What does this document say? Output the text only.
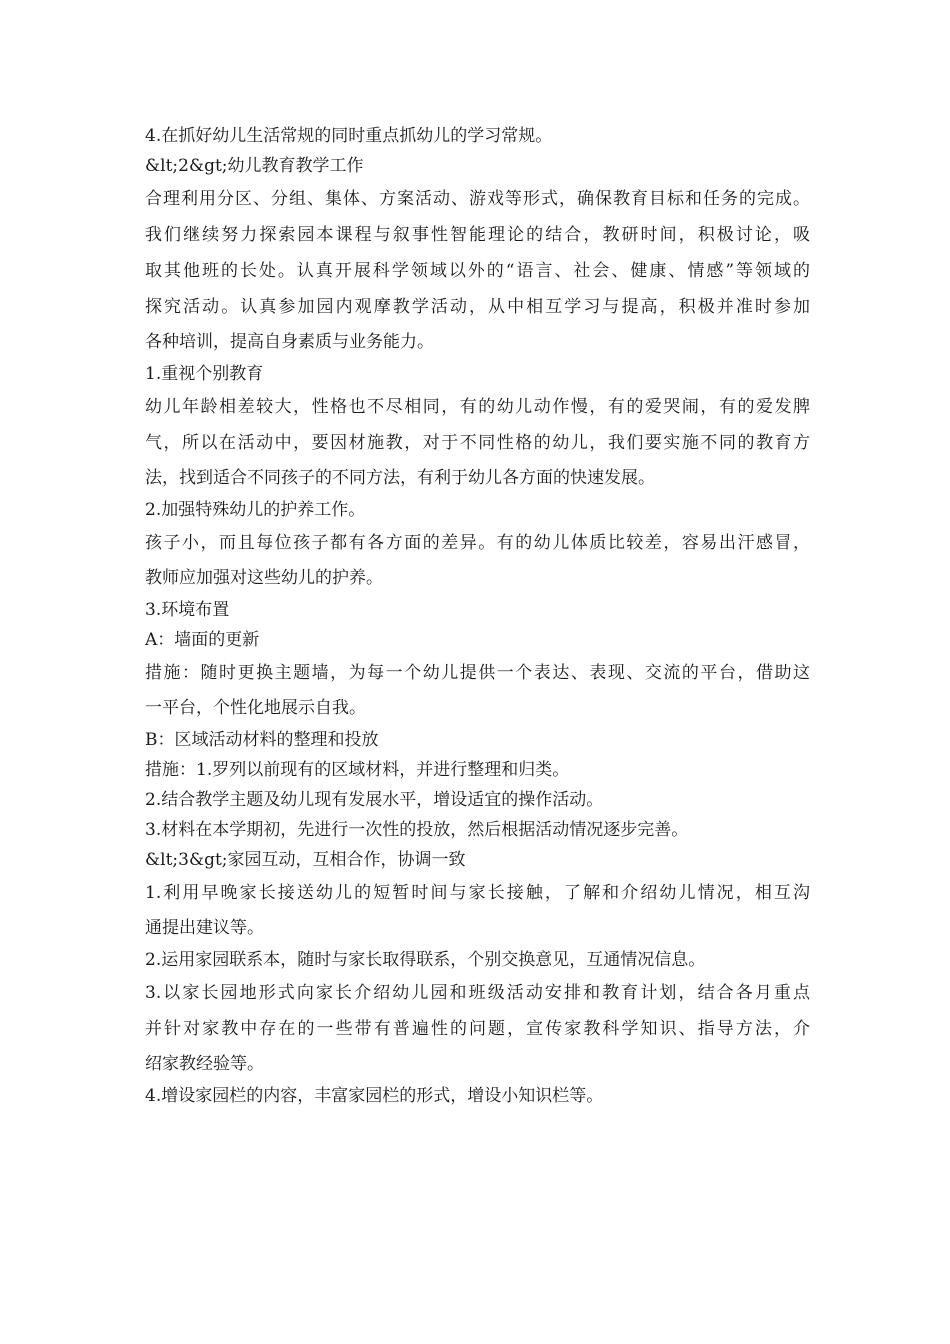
4.在抓好幼儿生活常规的同时重点抓幼儿的学习常规。
&lt;2&gt;幼儿教育教学工作
合理利用分区、分组、集体、方案活动、游戏等形式，确保教育目标和任务的完成。
我们继续努力探索园本课程与叙事性智能理论的结合，教研时间，积极讨论，吸
取其他班的长处。认真开展科学领域以外的“语言、社会、健康、情感”等领域的
探究活动。认真参加园内观摩教学活动，从中相互学习与提高，积极并准时参加
各种培训，提高自身素质与业务能力。
1.重视个别教育
幼儿年龄相差较大，性格也不尽相同，有的幼儿动作慢，有的爱哭闹，有的爱发脾
气，所以在活动中，要因材施教，对于不同性格的幼儿，我们要实施不同的教育方
法，找到适合不同孩子的不同方法，有利于幼儿各方面的快速发展。
2.加强特殊幼儿的护养工作。
孩子小，而且每位孩子都有各方面的差异。有的幼儿体质比较差，容易出汗感冒，
教师应加强对这些幼儿的护养。
3.环境布置
A：墙面的更新
措施：随时更换主题墙，为每一个幼儿提供一个表达、表现、交流的平台，借助这
一平台，个性化地展示自我。
B：区域活动材料的整理和投放
措施：1.罗列以前现有的区域材料，并进行整理和归类。
2.结合教学主题及幼儿现有发展水平，增设适宜的操作活动。
3.材料在本学期初，先进行一次性的投放，然后根据活动情况逐步完善。
&lt;3&gt;家园互动，互相合作，协调一致
1.利用早晚家长接送幼儿的短暂时间与家长接触，了解和介绍幼儿情况，相互沟
通提出建议等。
2.运用家园联系本，随时与家长取得联系，个别交换意见，互通情况信息。
3.以家长园地形式向家长介绍幼儿园和班级活动安排和教育计划，结合各月重点
并针对家教中存在的一些带有普遍性的问题，宣传家教科学知识、指导方法，介
绍家教经验等。
4.增设家园栏的内容，丰富家园栏的形式，增设小知识栏等。
